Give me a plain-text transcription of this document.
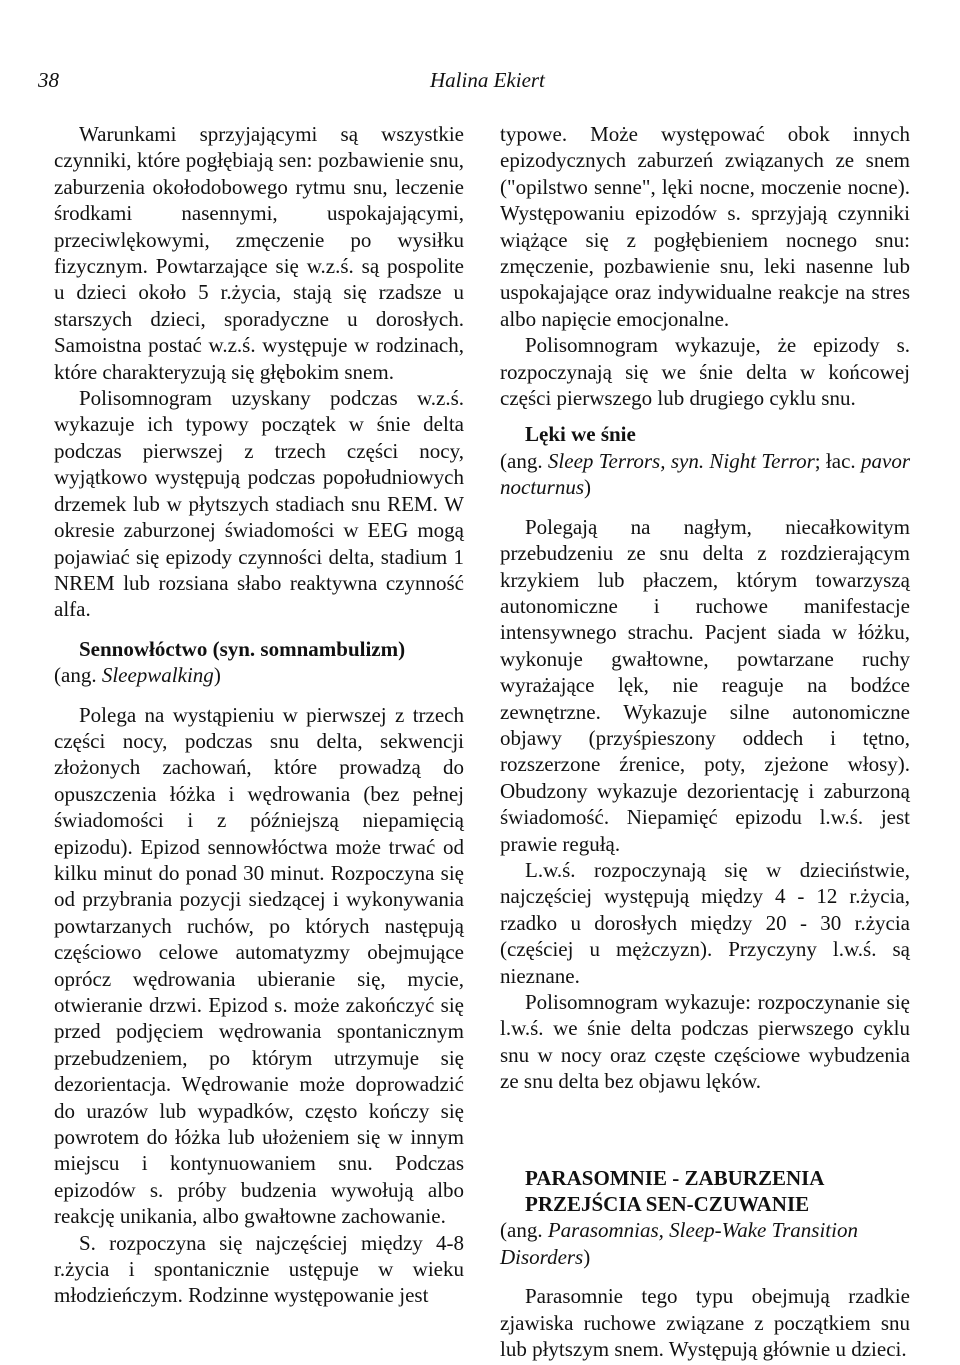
38	Halina Ekiert

Warunkami sprzyjającymi są wszystkie czynniki, które pogłębiają sen: pozbawienie snu, zaburzenia okołodobowego rytmu snu, leczenie środkami nasennymi, uspokajającymi, przeciwlękowymi, zmęczenie po wysiłku fizycznym. Powtarzające się w.z.ś. są pospolite u dzieci około 5 r.życia, stają się rzadsze u starszych dzieci, sporadyczne u dorosłych. Samoistna postać w.z.ś. występuje w rodzinach, które charakteryzują się głębokim snem.

Polisomnogram uzyskany podczas w.z.ś. wykazuje ich typowy początek w śnie delta podczas pierwszej z trzech części nocy, wyjątkowo występują podczas popołudniowych drzemek lub w płytszych stadiach snu REM. W okresie zaburzonej świadomości w EEG mogą pojawiać się epizody czynności delta, stadium 1 NREM lub rozsiana słabo reaktywna czynność alfa.

Sennowłóctwo (syn. somnambulizm)

(ang. Sleepwalking)

Polega na wystąpieniu w pierwszej z trzech części nocy, podczas snu delta, sekwencji złożonych zachowań, które prowadzą do opuszczenia łóżka i wędrowania (bez pełnej świadomości i z późniejszą niepamięcią epizodu). Epizod sennowłóctwa może trwać od kilku minut do ponad 30 minut. Rozpoczyna się od przybrania pozycji siedzącej i wykonywania powtarzanych ruchów, po których następują częściowo celowe automatyzmy obejmujące oprócz wędrowania ubieranie się, mycie, otwieranie drzwi. Epizod s. może zakończyć się przed podjęciem wędrowania spontanicznym przebudzeniem, po którym utrzymuje się dezorientacja. Wędrowanie może doprowadzić do urazów lub wypadków, często kończy się powrotem do łóżka lub ułożeniem się w innym miejscu i kontynuowaniem snu. Podczas epizodów s. próby budzenia wywołują albo reakcję unikania, albo gwałtowne zachowanie.

S. rozpoczyna się najczęściej między 4-8 r.życia i spontanicznie ustępuje w wieku młodzieńczym. Rodzinne występowanie jest

typowe. Może występować obok innych epizodycznych zaburzeń związanych ze snem ("opilstwo senne", lęki nocne, moczenie nocne). Występowaniu epizodów s. sprzyjają czynniki wiążące się z pogłębieniem nocnego snu: zmęczenie, pozbawienie snu, leki nasenne lub uspokajające oraz indywidualne reakcje na stres albo napięcie emocjonalne.

Polisomnogram wykazuje, że epizody s. rozpoczynają się we śnie delta w końcowej części pierwszego lub drugiego cyklu snu.

Lęki we śnie

(ang. Sleep Terrors, syn. Night Terror; łac. pavor nocturnus)

Polegają na nagłym, niecałkowitym przebudzeniu ze snu delta z rozdzierającym krzykiem lub płaczem, którym towarzyszą autonomiczne i ruchowe manifestacje intensywnego strachu. Pacjent siada w łóżku, wykonuje gwałtowne, powtarzane ruchy wyrażające lęk, nie reaguje na bodźce zewnętrzne. Wykazuje silne autonomiczne objawy (przyśpieszony oddech i tętno, rozszerzone źrenice, poty, zjeżone włosy). Obudzony wykazuje dezorientację i zaburzoną świadomość. Niepamięć epizodu l.w.ś. jest prawie regułą.

L.w.ś. rozpoczynają się w dzieciństwie, najczęściej występują między 4 - 12 r.życia, rzadko u dorosłych między 20 - 30 r.życia (częściej u mężczyzn). Przyczyny l.w.ś. są nieznane.

Polisomnogram wykazuje: rozpoczynanie się l.w.ś. we śnie delta podczas pierwszego cyklu snu w nocy oraz częste częściowe wybudzenia ze snu delta bez objawu lęków.

PARASOMNIE - ZABURZENIA

PRZEJŚCIA SEN-CZUWANIE

(ang. Parasomnias, Sleep-Wake Transition Disorders)

Parasomnie tego typu obejmują rzadkie zjawiska ruchowe związane z początkiem snu lub płytszym snem. Występują głównie u dzieci.
